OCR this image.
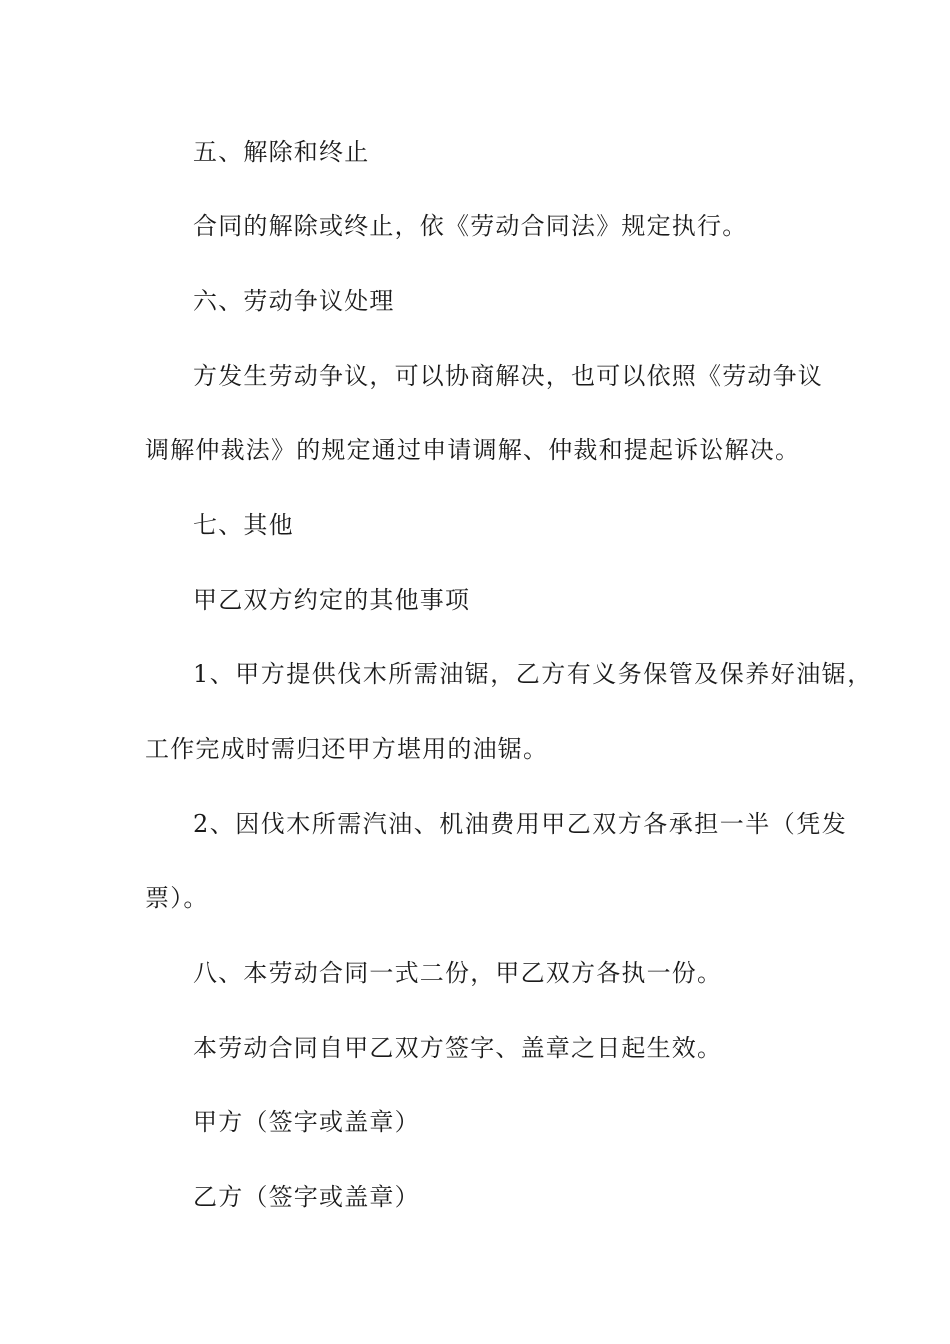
五、解除和终止
合同的解除或终止，依《劳动合同法》规定执行。
六、劳动争议处理
方发生劳动争议，可以协商解决，也可以依照《劳动争议
调解仲裁法》的规定通过申请调解、仲裁和提起诉讼解决。
七、其他
甲乙双方约定的其他事项
1、甲方提供伐木所需油锯，乙方有义务保管及保养好油锯，
工作完成时需归还甲方堪用的油锯。
2、因伐木所需汽油、机油费用甲乙双方各承担一半（凭发
票）。
八、本劳动合同一式二份，甲乙双方各执一份。
本劳动合同自甲乙双方签字、盖章之日起生效。
甲方（签字或盖章）
乙方（签字或盖章）
